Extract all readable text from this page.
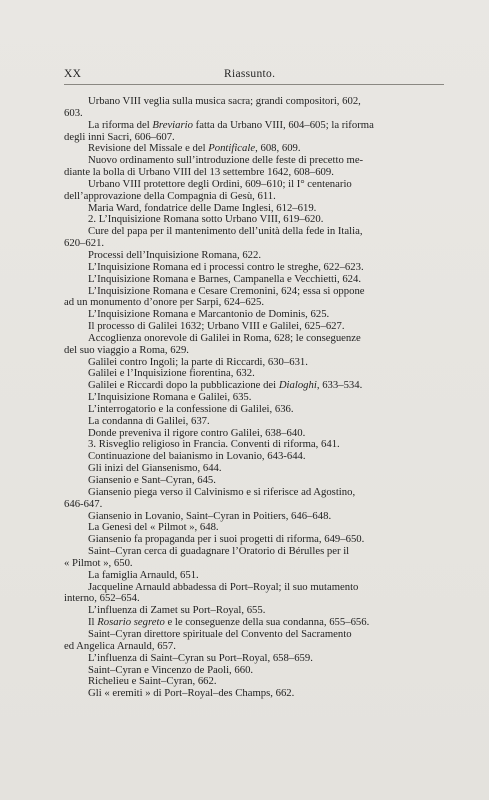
XX	Riassunto.
Urbano VIII veglia sulla musica sacra; grandi compositori, 602,
603.
La riforma del Breviario fatta da Urbano VIII, 604–605; la riforma
degli inni Sacri, 606–607.
Revisione del Missale e del Pontificale, 608, 609.
Nuovo ordinamento sull’introduzione delle feste di precetto me-
diante la bolla di Urbano VIII del 13 settembre 1642, 608–609.
Urbano VIII protettore degli Ordini, 609–610; il I° centenario
dell’approvazione della Compagnia di Gesù, 611.
Maria Ward, fondatrice delle Dame Inglesi, 612–619.
2. L’Inquisizione Romana sotto Urbano VIII, 619–620.
Cure del papa per il mantenimento dell’unità della fede in Italia,
620–621.
Processi dell’Inquisizione Romana, 622.
L’Inquisizione Romana ed i processi contro le streghe, 622–623.
L’Inquisizione Romana e Barnes, Campanella e Vecchietti, 624.
L’Inquisizione Romana e Cesare Cremonini, 624; essa si oppone
ad un monumento d’onore per Sarpi, 624–625.
L’Inquisizione Romana e Marcantonio de Dominis, 625.
Il processo di Galilei 1632; Urbano VIII e Galilei, 625–627.
Accoglienza onorevole di Galilei in Roma, 628; le conseguenze
del suo viaggio a Roma, 629.
Galilei contro Ingoli; la parte di Riccardi, 630–631.
Galilei e l’Inquisizione fiorentina, 632.
Galilei e Riccardi dopo la pubblicazione dei Dialoghi, 633–534.
L’Inquisizione Romana e Galilei, 635.
L’interrogatorio e la confessione di Galilei, 636.
La condanna di Galilei, 637.
Donde preveniva il rigore contro Galilei, 638–640.
3. Risveglio religioso in Francia. Conventi di riforma, 641.
Continuazione del baianismo in Lovanio, 643-644.
Gli inizi del Giansenismo, 644.
Giansenio e Sant–Cyran, 645.
Giansenio piega verso il Calvinismo e si riferisce ad Agostino,
646-647.
Giansenio in Lovanio, Saint–Cyran in Poitiers, 646–648.
La Genesi del « Pilmot », 648.
Giansenio fa propaganda per i suoi progetti di riforma, 649–650.
Saint–Cyran cerca di guadagnare l’Oratorio di Bérulles per il
« Pilmot », 650.
La famiglia Arnauld, 651.
Jacqueline Arnauld abbadessa di Port–Royal; il suo mutamento
interno, 652–654.
L’influenza di Zamet su Port–Royal, 655.
Il Rosario segreto e le conseguenze della sua condanna, 655–656.
Saint–Cyran direttore spirituale del Convento del Sacramento
ed Angelica Arnauld, 657.
L’influenza di Saint–Cyran su Port–Royal, 658–659.
Saint–Cyran e Vincenzo de Paoli, 660.
Richelieu e Saint–Cyran, 662.
Gli « eremiti » di Port–Royal–des Champs, 662.
